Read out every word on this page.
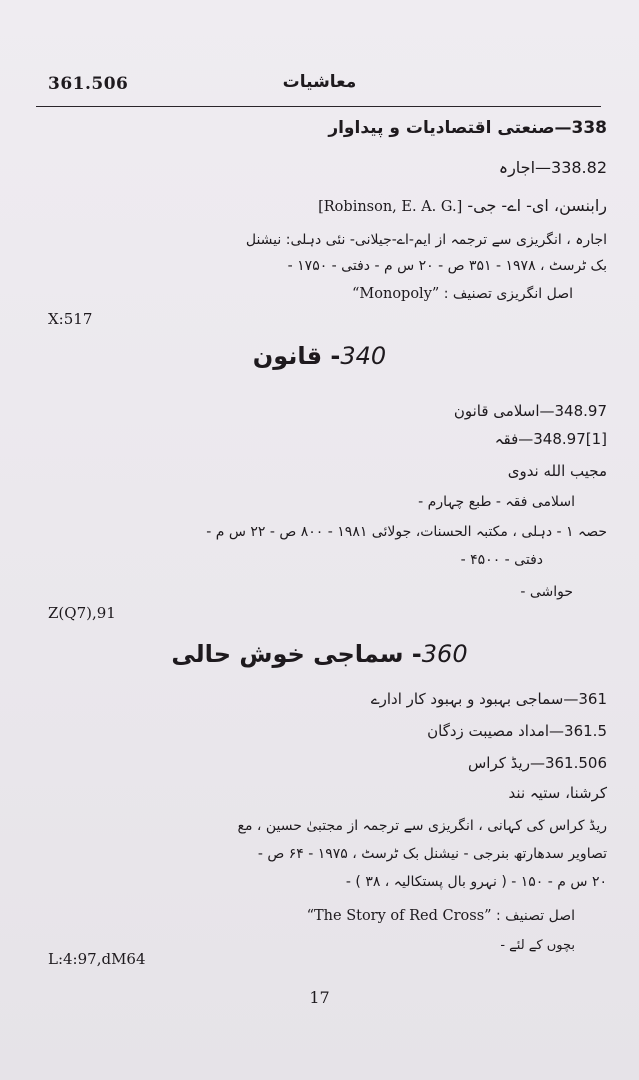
361.506	معاشیات
338—صنعتی اقتصادیات و پیداوار
338.82—اجارہ
رابنسن، ای- اے- جی- [Robinson, E. A. G.]
اجارہ ، انگریزی سے ترجمہ از ایم-اے-جیلانی- نئی دہلی: نیشنل
بک ٹرسٹ ، ۱۹۷۸ - ۳۵۱ ص - ۲۰ س م - دفتی - ۱۷۵۰ -
اصل انگریزی تصنیف : “Monopoly”
X:517
340- قانون
348.97—اسلامی قانون
348.97[1]—فقہ
مجیب الله ندوی
اسلامی فقہ - طبع چہارم -
حصہ ۱ - دہلی ، مکتبہ الحسنات، جولائی ۱۹۸۱ - ۸۰۰ ص - ۲۲ س م -
دفتی - ۴۵۰۰ -
حواشی -
Z(Q7),91
360- سماجی خوش حالی
361—سماجی بہبود و بہبود کار ادارے
361.5—امداد مصیبت زدگان
361.506—ریڈ کراس
کرشنا، ستیہ نند
ریڈ کراس کی کہانی ، انگریزی سے ترجمہ از مجتبیٰ حسین ، مع
تصاویر سدھارتھ بنرجی - نیشنل بک ٹرسٹ ، ۱۹۷۵ - ۶۴ ص -
۲۰ س م - ۱۵۰ - ( نہرو بال پستکالیہ ، ۳۸ ) -
اصل تصنیف : “The Story of Red Cross”
بچوں کے لئے -
L:4:97,dM64
17
